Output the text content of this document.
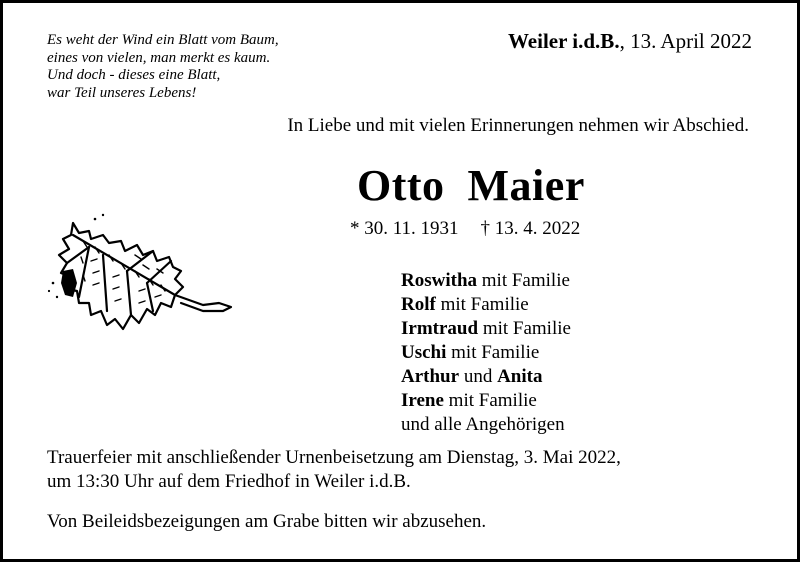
Es weht der Wind ein Blatt vom Baum,
eines von vielen, man merkt es kaum.
Und doch - dieses eine Blatt,
war Teil unseres Lebens!
Weiler i.d.B., 13. April 2022
In Liebe und mit vielen Erinnerungen nehmen wir Abschied.
Otto  Maier
* 30. 11. 1931 † 13. 4. 2022
Roswitha mit Familie
Rolf mit Familie
Irmtraud mit Familie
Uschi mit Familie
Arthur und Anita
Irene mit Familie
und alle Angehörigen
Trauerfeier mit anschließender Urnenbeisetzung am Dienstag, 3. Mai 2022,
um 13:30 Uhr auf dem Friedhof in Weiler i.d.B.
Von Beileidsbezeigungen am Grabe bitten wir abzusehen.
